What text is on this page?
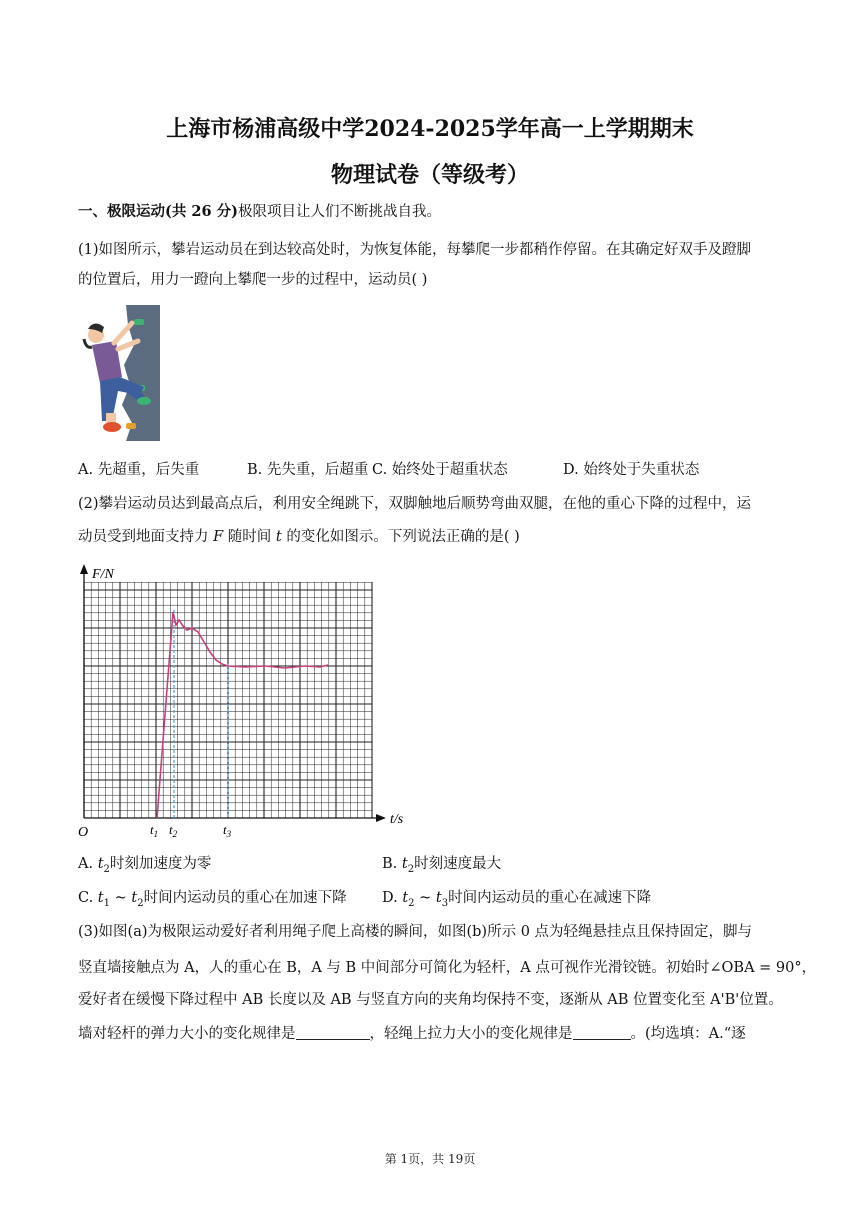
上海市杨浦高级中学2024-2025学年高一上学期期末
物理试卷（等级考）
一、极限运动(共 26 分)极限项目让人们不断挑战自我。
(1)如图所示，攀岩运动员在到达较高处时，为恢复体能，每攀爬一步都稍作停留。在其确定好双手及蹬脚
的位置后，用力一蹬向上攀爬一步的过程中，运动员( )
A. 先超重，后失重	B. 先失重，后超重 C. 始终处于超重状态	D. 始终处于失重状态
(2)攀岩运动员达到最高点后，利用安全绳跳下，双脚触地后顺势弯曲双腿，在他的重心下降的过程中，运
动员受到地面支持力 F 随时间 t 的变化如图示。下列说法正确的是( )
F/N
t/s
O	$t_1$ $t_2$	$t_3$
A. $t_2$时刻加速度为零	B. $t_2$时刻速度最大
C. $t_1$ ~ $t_2$时间内运动员的重心在加速下降 D. $t_2$ ~ $t_3$时间内运动员的重心在减速下降
(3)如图(a)为极限运动爱好者利用绳子爬上高楼的瞬间，如图(b)所示 0 点为轻绳悬挂点且保持固定，脚与
竖直墙接触点为 A，人的重心在 B，A 与 B 中间部分可简化为轻杆，A 点可视作光滑铰链。初始时∠OBA = 90°，
爱好者在缓慢下降过程中 AB 长度以及 AB 与竖直方向的夹角均保持不变，逐渐从 AB 位置变化至 A'B'位置。
墙对轻杆的弹力大小的变化规律是	，轻绳上拉力大小的变化规律是	。(均选填：A.“逐
第 1页，共 19页
